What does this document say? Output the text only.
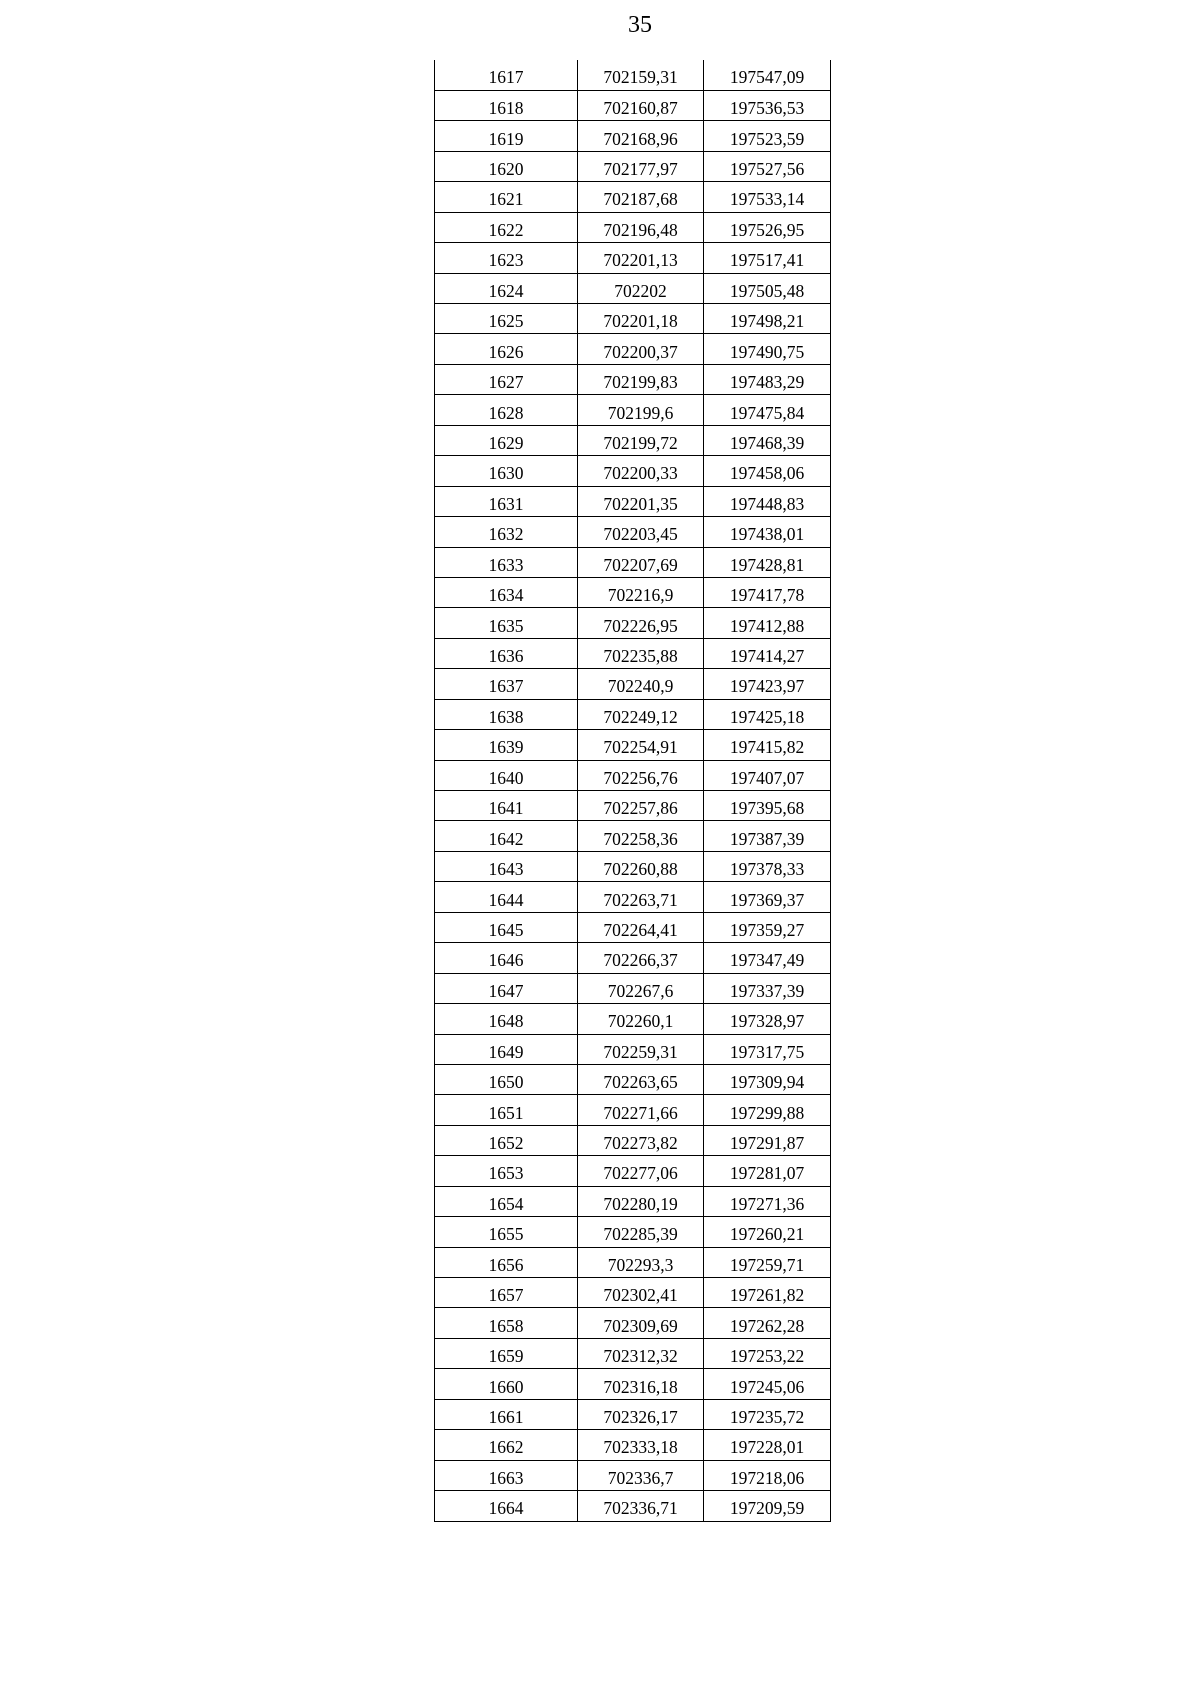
35
1617	702159,31	197547,09
1618	702160,87	197536,53
1619	702168,96	197523,59
1620	702177,97	197527,56
1621	702187,68	197533,14
1622	702196,48	197526,95
1623	702201,13	197517,41
1624	702202	197505,48
1625	702201,18	197498,21
1626	702200,37	197490,75
1627	702199,83	197483,29
1628	702199,6	197475,84
1629	702199,72	197468,39
1630	702200,33	197458,06
1631	702201,35	197448,83
1632	702203,45	197438,01
1633	702207,69	197428,81
1634	702216,9	197417,78
1635	702226,95	197412,88
1636	702235,88	197414,27
1637	702240,9	197423,97
1638	702249,12	197425,18
1639	702254,91	197415,82
1640	702256,76	197407,07
1641	702257,86	197395,68
1642	702258,36	197387,39
1643	702260,88	197378,33
1644	702263,71	197369,37
1645	702264,41	197359,27
1646	702266,37	197347,49
1647	702267,6	197337,39
1648	702260,1	197328,97
1649	702259,31	197317,75
1650	702263,65	197309,94
1651	702271,66	197299,88
1652	702273,82	197291,87
1653	702277,06	197281,07
1654	702280,19	197271,36
1655	702285,39	197260,21
1656	702293,3	197259,71
1657	702302,41	197261,82
1658	702309,69	197262,28
1659	702312,32	197253,22
1660	702316,18	197245,06
1661	702326,17	197235,72
1662	702333,18	197228,01
1663	702336,7	197218,06
1664	702336,71	197209,59
